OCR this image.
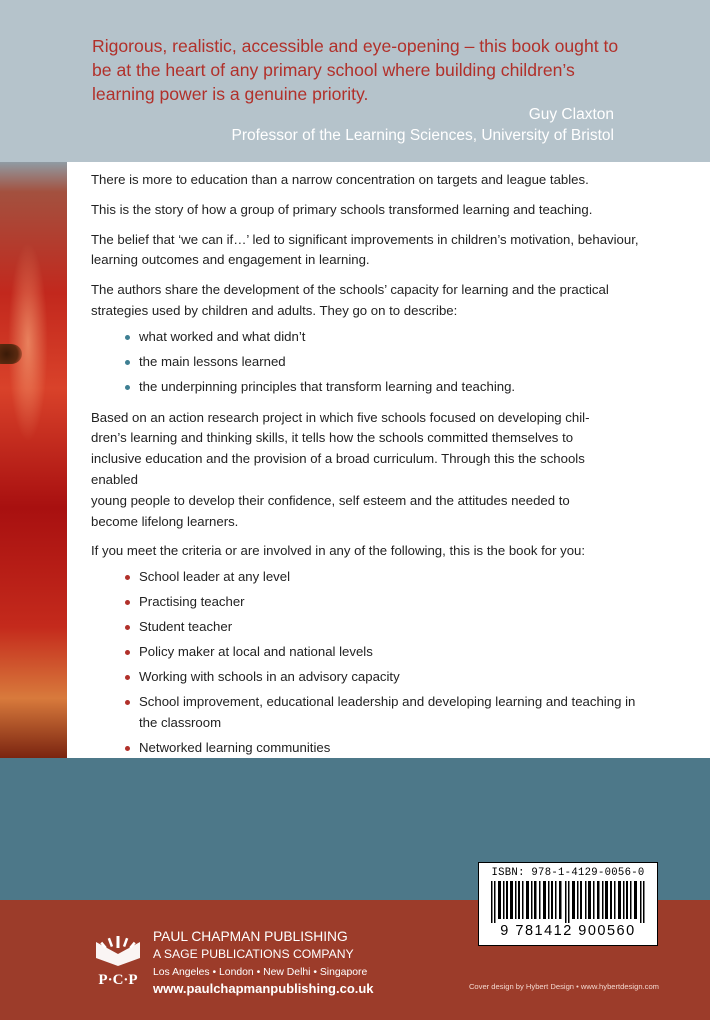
Rigorous, realistic, accessible and eye-opening – this book ought to be at the heart of any primary school where building children’s learning power is a genuine priority.

Guy Claxton
Professor of the Learning Sciences, University of Bristol

There is more to education than a narrow concentration on targets and league tables.

This is the story of how a group of primary schools transformed learning and teaching.

The belief that ‘we can if…’ led to significant improvements in children’s motivation, behaviour, learning outcomes and engagement in learning.

The authors share the development of the schools’ capacity for learning and the practical strategies used by children and adults. They go on to describe:

what worked and what didn’t
the main lessons learned
the underpinning principles that transform learning and teaching.

Based on an action research project in which five schools focused on developing chil-
dren’s learning and thinking skills, it tells how the schools committed themselves to
inclusive education and the provision of a broad curriculum. Through this the schools
enabled
young people to develop their confidence, self esteem and the attitudes needed to
become lifelong learners.

If you meet the criteria or are involved in any of the following, this is the book for you:

School leader at any level
Practising teacher
Student teacher
Policy maker at local and national levels
Working with schools in an advisory capacity
School improvement, educational leadership and developing learning and teaching in the classroom
Networked learning communities
ISBN: 978-1-4129-0056-0
9 781412 900560
P·C·P

PAUL CHAPMAN PUBLISHING

A SAGE PUBLICATIONS COMPANY

Los Angeles • London • New Delhi • Singapore

www.paulchapmanpublishing.co.uk	Cover design by Hybert Design • www.hybertdesign.com
